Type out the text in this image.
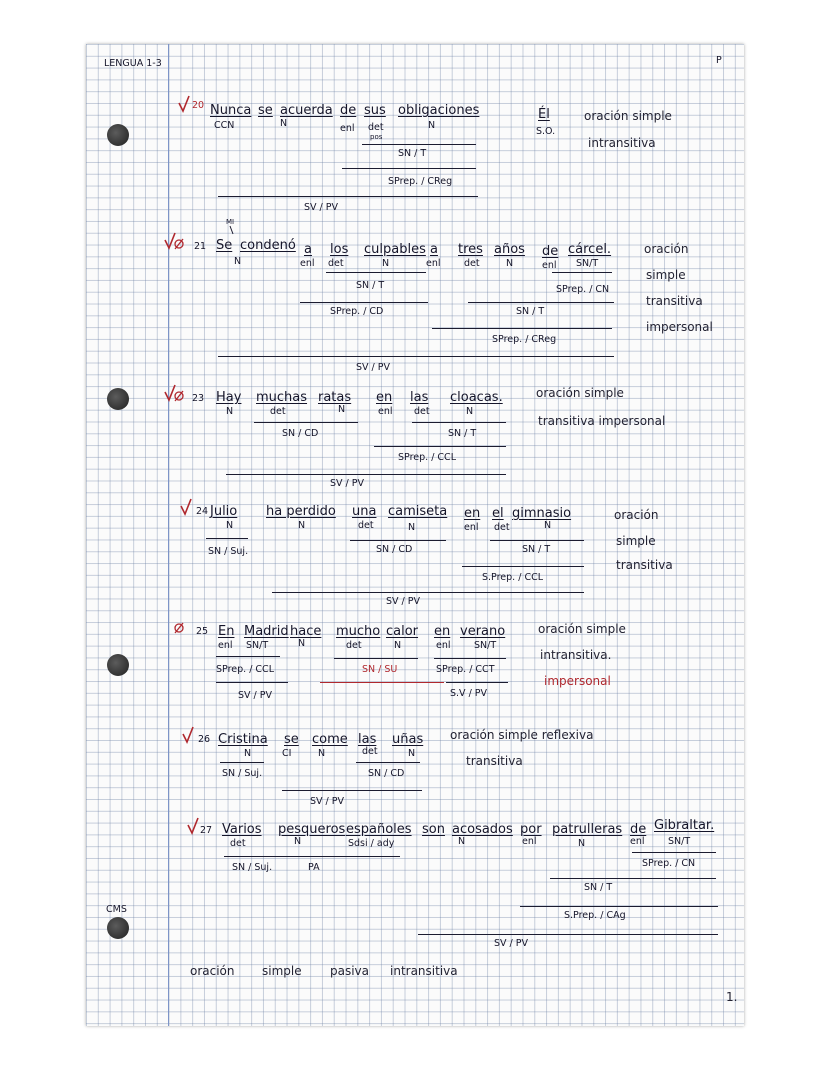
LENGUA 1-3	P
CMS
1.
20 Nunca se acuerda de sus obligaciones
CCN	N	enl det
pos
N
Él
S.O.
oración simple
intransitiva
SN / T
SPrep. / CReg
SV / PV
MI
21 Se condenó a los culpables a tres años de cárcel.
N	enl det	N	enl det	N	enl SN/T
oración
simple
transitiva
impersonal
SN / T	SPrep. / CN
SPrep. / CD	SN / T
SPrep. / CReg
SV / PV
23 Hay muchas ratas en las cloacas.
N	det	N	enl det	N
oración simple
transitiva impersonal
SN / CD	SN / T
SPrep. / CCL
SV / PV
24 Julio ha perdido una camiseta en el gimnasio
N	N	det	N	enl det	N
oración
simple
transitiva
SN / Suj.	SN / CD	SN / T
S.Prep. / CCL
SV / PV
25 En Madrid hace mucho calor en verano
enl SN/T	N	det	N	enl SN/T
oración simple
intransitiva.
impersonal
SPrep. / CCL	SN / SU	SPrep. / CCT
SV / PV	S.V / PV
26 Cristina se come las uñas
N	CI	N	det	N
oración simple reflexiva
transitiva
SN / Suj.	SN / CD
SV / PV
27 Varios pesqueros españoles son acosados por patrulleras de Gibraltar.
det	N	Sdsi / ady	N	enl	N	enl SN/T
SN / Suj.	PA	SPrep. / CN
SN / T
S.Prep. / CAg
SV / PV
oración simple pasiva intransitiva
